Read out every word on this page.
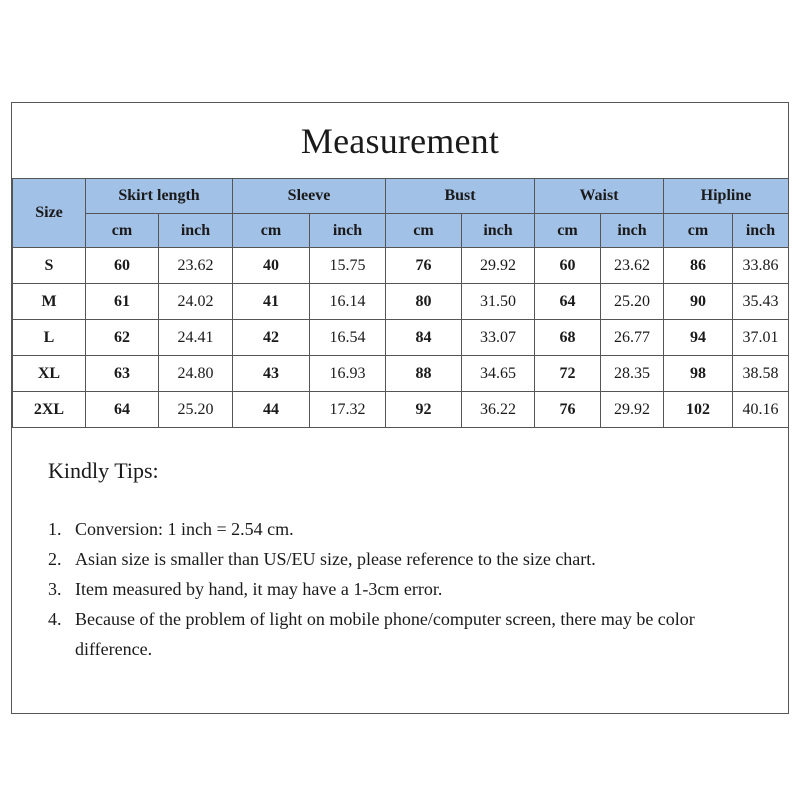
Measurement
Size	Skirt length		Sleeve		Bust		Waist		Hipline	
	cm	inch	cm	inch	cm	inch	cm	inch	cm	inch
S	60	23.62	40	15.75	76	29.92	60	23.62	86	33.86
M	61	24.02	41	16.14	80	31.50	64	25.20	90	35.43
L	62	24.41	42	16.54	84	33.07	68	26.77	94	37.01
XL	63	24.80	43	16.93	88	34.65	72	28.35	98	38.58
2XL	64	25.20	44	17.32	92	36.22	76	29.92	102	40.16
Kindly Tips:
1. Conversion: 1 inch = 2.54 cm.
2. Asian size is smaller than US/EU size, please reference to the size chart.
3. Item measured by hand, it may have a 1-3cm error.
4. Because of the problem of light on mobile phone/computer screen, there may be color difference.
